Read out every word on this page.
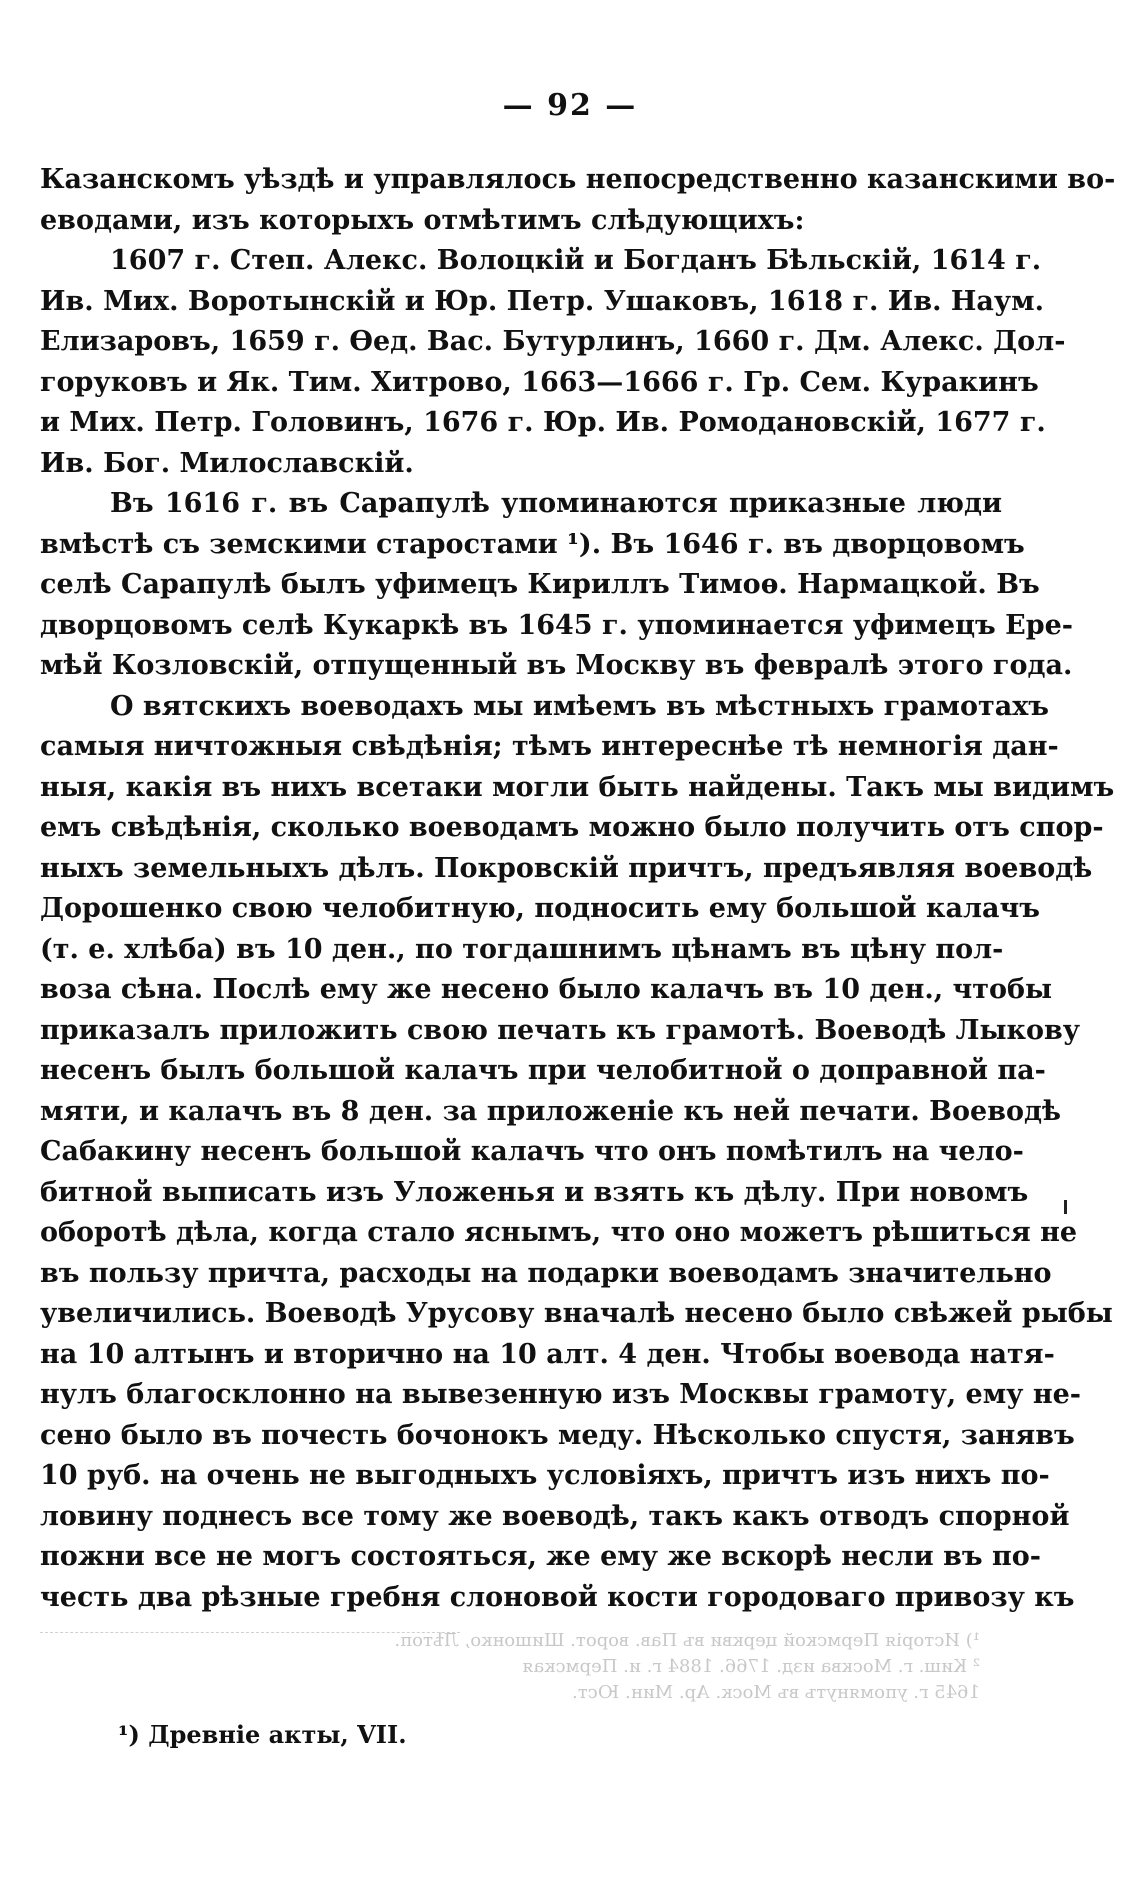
— 92 —
Казанскомъ уѣздѣ и управлялось непосредственно казанскими во-
еводами, изъ которыхъ отмѣтимъ слѣдующихъ:
1607 г. Степ. Алекс. Волоцкій и Богданъ Бѣльскій, 1614 г.
Ив. Мих. Воротынскій и Юр. Петр. Ушаковъ, 1618 г. Ив. Наум.
Елизаровъ, 1659 г. Ѳед. Вас. Бутурлинъ, 1660 г. Дм. Алекс. Дол-
горуковъ и Як. Тим. Хитрово, 1663—1666 г. Гр. Сем. Куракинъ
и Мих. Петр. Головинъ, 1676 г. Юр. Ив. Ромодановскій, 1677 г.
Ив. Бог. Милославскій.
Въ 1616 г. въ Сарапулѣ упоминаются приказные люди
вмѣстѣ съ земскими старостами ¹). Въ 1646 г. въ дворцовомъ
селѣ Сарапулѣ былъ уфимецъ Кириллъ Тимоѳ. Нармацкой. Въ
дворцовомъ селѣ Кукаркѣ въ 1645 г. упоминается уфимецъ Ере-
мѣй Козловскій, отпущенный въ Москву въ февралѣ этого года.
О вятскихъ воеводахъ мы имѣемъ въ мѣстныхъ грамотахъ
самыя ничтожныя свѣдѣнія; тѣмъ интереснѣе тѣ немногія дан-
ныя, какія въ нихъ всетаки могли быть найдены. Такъ мы видимъ
емъ свѣдѣнія, сколько воеводамъ можно было получить отъ спор-
ныхъ земельныхъ дѣлъ. Покровскій причтъ, предъявляя воеводѣ
Дорошенко свою челобитную, подносить ему большой калачъ
(т. е. хлѣба) въ 10 ден., по тогдашнимъ цѣнамъ въ цѣну пол-
воза сѣна. Послѣ ему же несено было калачъ въ 10 ден., чтобы
приказалъ приложить свою печать къ грамотѣ. Воеводѣ Лыкову
несенъ былъ большой калачъ при челобитной о доправной па-
мяти, и калачъ въ 8 ден. за приложеніе къ ней печати. Воеводѣ
Сабакину несенъ большой калачъ что онъ помѣтилъ на чело-
битной выписать изъ Уложенья и взять къ дѣлу. При новомъ
оборотѣ дѣла, когда стало яснымъ, что оно можетъ рѣшиться не
въ пользу причта, расходы на подарки воеводамъ значительно
увеличились. Воеводѣ Урусову вначалѣ несено было свѣжей рыбы
на 10 алтынъ и вторично на 10 алт. 4 ден. Чтобы воевода натя-
нулъ благосклонно на вывезенную изъ Москвы грамоту, ему не-
сено было въ почесть бочонокъ меду. Нѣсколько спустя, занявъ
10 руб. на очень не выгодныхъ условіяхъ, причтъ изъ нихъ по-
ловину поднесъ все тому же воеводѣ, такъ какъ отводъ спорной
пожни все не могъ состояться, же ему же вскорѣ несли въ по-
честь два рѣзные гребня слоновой кости городоваго привозу къ
¹) Исторія Пермской церкви въ Пав. ворот. Шишонко, Лѣтоп.
² Киш. г. Москва изд. 1766. 1884 г. и. Пермская
1645 г. упомянутъ въ Моск. Ар. Мин. Юст.
¹) Древніе акты, VII.
